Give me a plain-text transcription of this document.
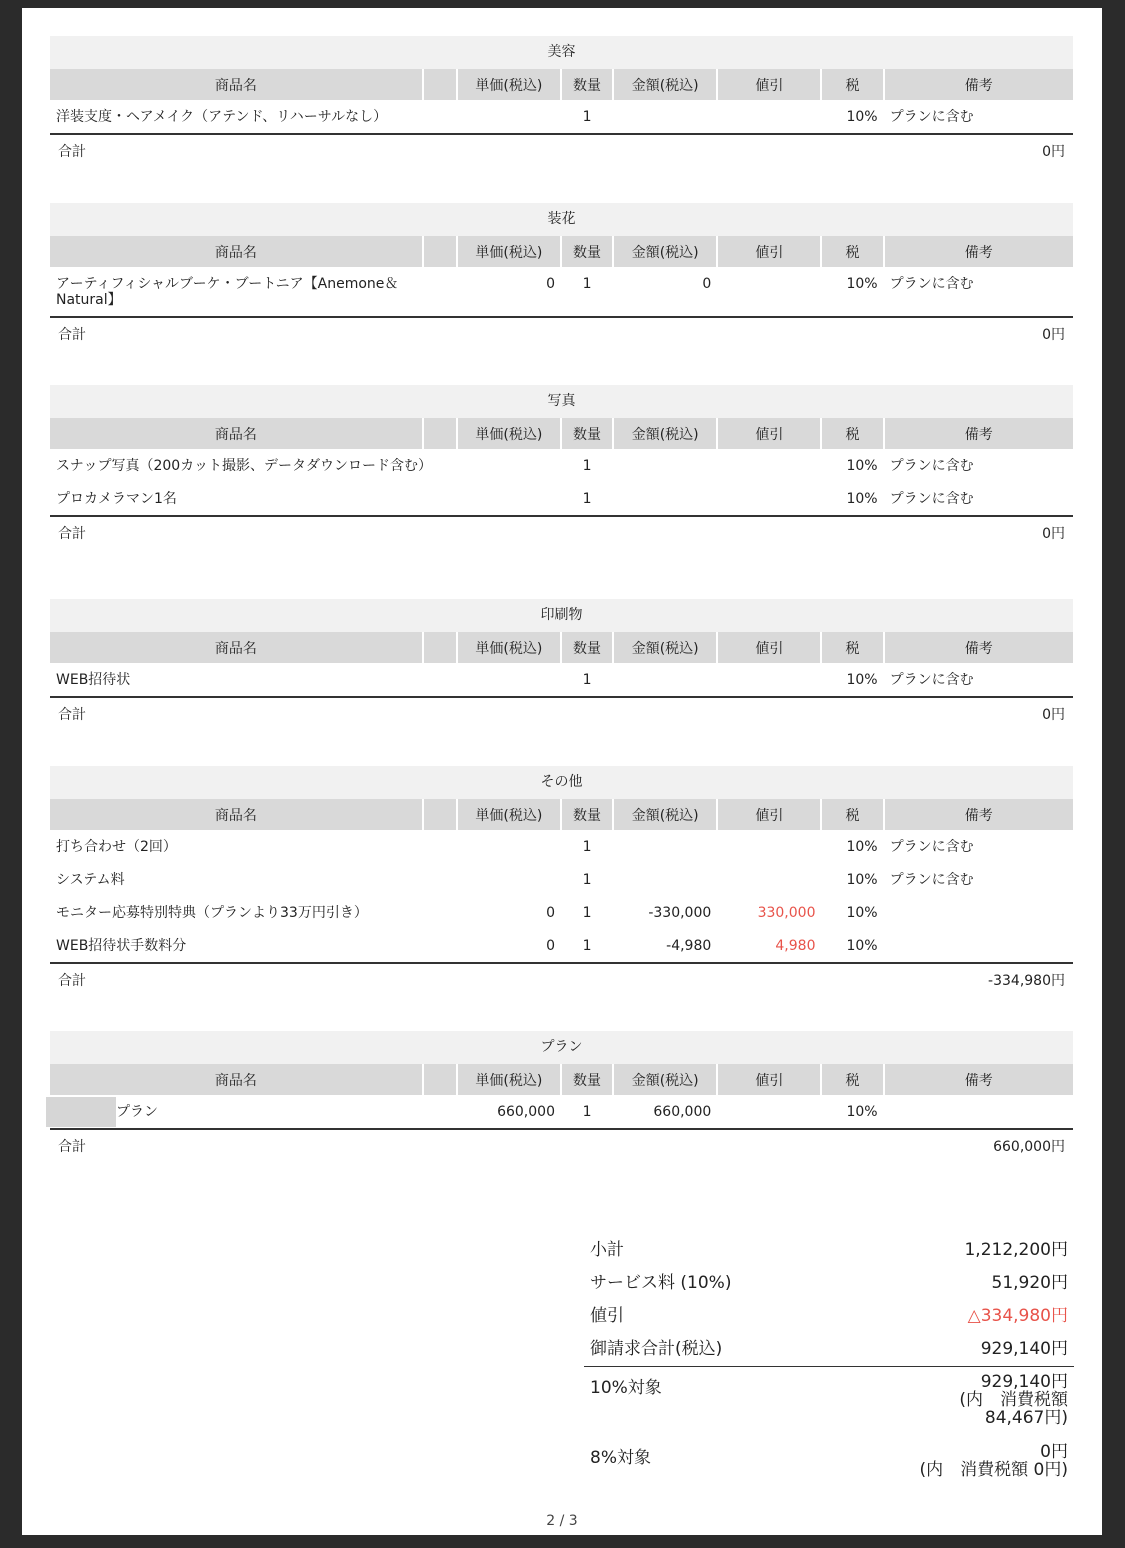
美容
商品名		単価(税込)	数量	金額(税込)	値引	税	備考
洋装支度・ヘアメイク（アテンド、リハーサルなし）			1			10%	プランに含む
合計	0円
装花
商品名		単価(税込)	数量	金額(税込)	値引	税	備考
アーティフィシャルブーケ・ブートニア【Anemone＆Natural】		0	1	0		10%	プランに含む
合計	0円
写真
商品名		単価(税込)	数量	金額(税込)	値引	税	備考
スナップ写真（200カット撮影、データダウンロード含む）			1			10%	プランに含む
プロカメラマン1名			1			10%	プランに含む
合計	0円
印刷物
商品名		単価(税込)	数量	金額(税込)	値引	税	備考
WEB招待状			1			10%	プランに含む
合計	0円
その他
商品名		単価(税込)	数量	金額(税込)	値引	税	備考
打ち合わせ（2回）			1			10%	プランに含む
システム料			1			10%	プランに含む
モニター応募特別特典（プランより33万円引き）		0	1	-330,000	330,000	10%	
WEB招待状手数料分		0	1	-4,980	4,980	10%	
合計	-334,980円
プラン
商品名		単価(税込)	数量	金額(税込)	値引	税	備考
プラン		660,000	1	660,000		10%	
合計	660,000円
小計	1,212,200円
サービス料 (10%)	51,920円
値引	△334,980円
御請求合計(税込)	929,140円
10%対象	929,140円
(内　消費税額
84,467円)
8%対象	0円
(内　消費税額 0円)
2 / 3
